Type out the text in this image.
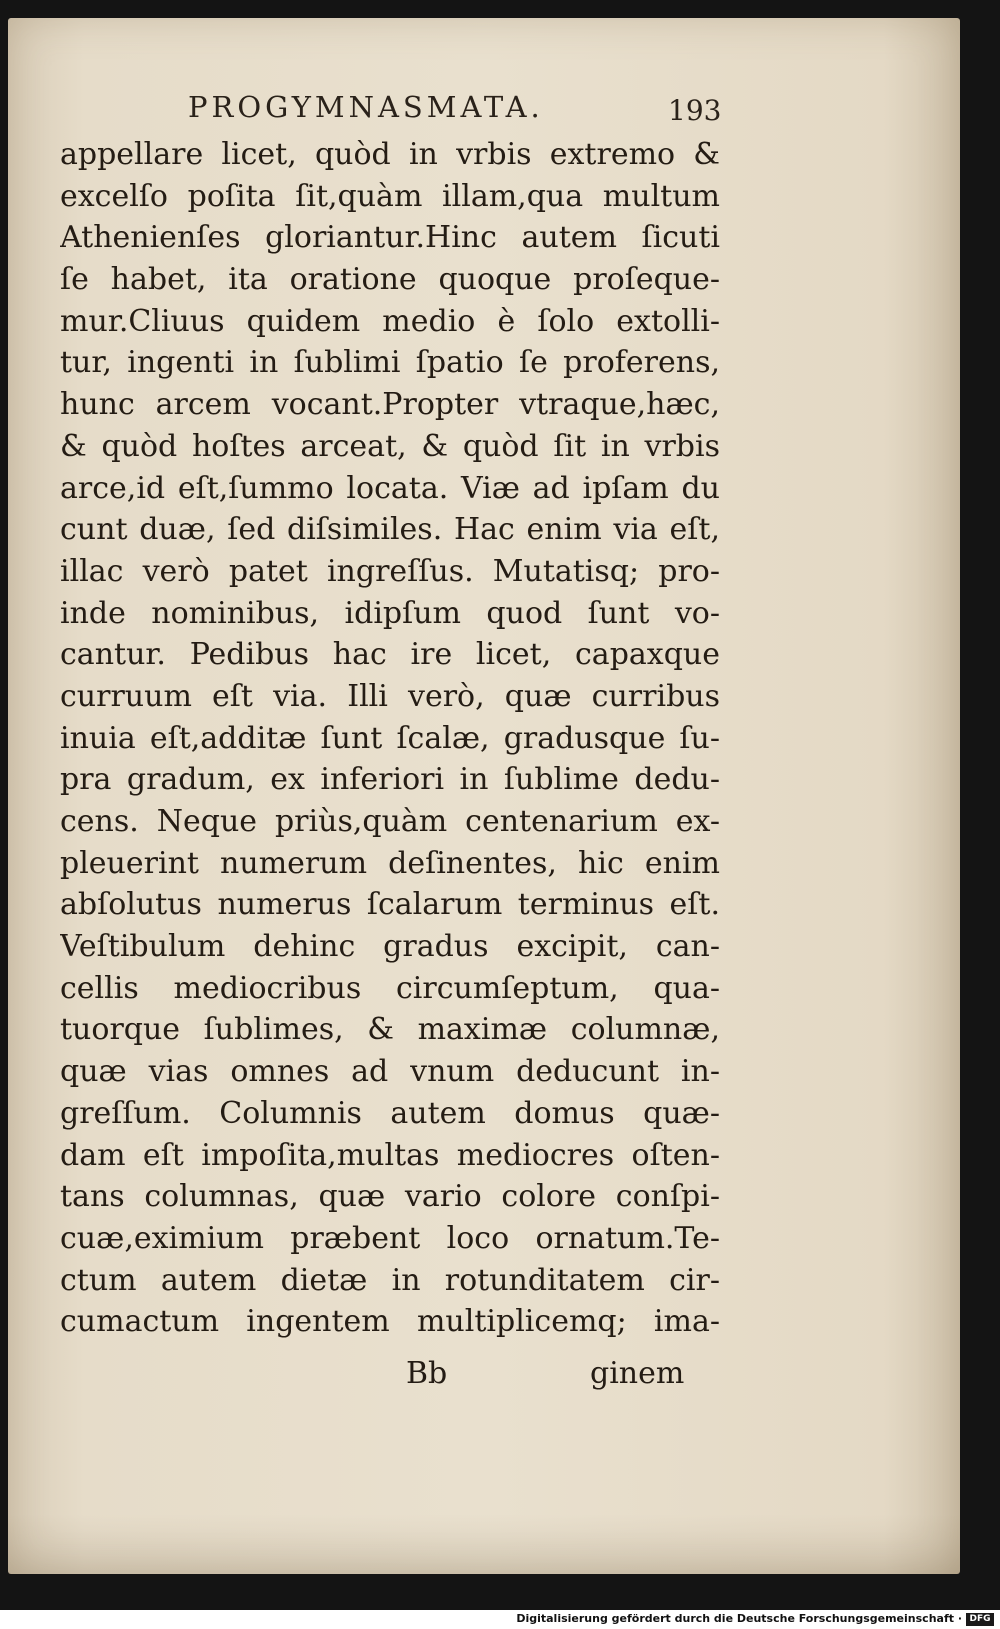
PROGYMNASMATA.	193
appellare licet, quòd in vrbis extremo &
excelſo poſita ſit,quàm illam,qua multum
Athenienſes gloriantur.Hinc autem ſicuti
ſe habet, ita oratione quoque proſeque-
mur.Cliuus quidem medio è ſolo extolli-
tur, ingenti in ſublimi ſpatio ſe proferens,
hunc arcem vocant.Propter vtraque,hæc,
& quòd hoſtes arceat, & quòd ſit in vrbis
arce,id eſt,ſummo locata. Viæ ad ipſam du
cunt duæ, ſed diſsimiles. Hac enim via eſt,
illac verò patet ingreſſus. Mutatisq; pro-
inde nominibus, idipſum quod ſunt vo-
cantur. Pedibus hac ire licet, capaxque
curruum eſt via. Illi verò, quæ curribus
inuia eſt,additæ ſunt ſcalæ, gradusque ſu-
pra gradum, ex inferiori in ſublime dedu-
cens. Neque priùs,quàm centenarium ex-
pleuerint numerum deſinentes, hic enim
abſolutus numerus ſcalarum terminus eſt.
Veſtibulum dehinc gradus excipit, can-
cellis mediocribus circumſeptum, qua-
tuorque ſublimes, & maximæ columnæ,
quæ vias omnes ad vnum deducunt in-
greſſum. Columnis autem domus quæ-
dam eſt impoſita,multas mediocres oſten-
tans columnas, quæ vario colore conſpi-
cuæ,eximium præbent loco ornatum.Te-
ctum autem dietæ in rotunditatem cir-
cumactum ingentem multiplicemq; ima-
Bb	ginem
Digitalisierung gefördert durch die Deutsche Forschungsgemeinschaft · DFG
